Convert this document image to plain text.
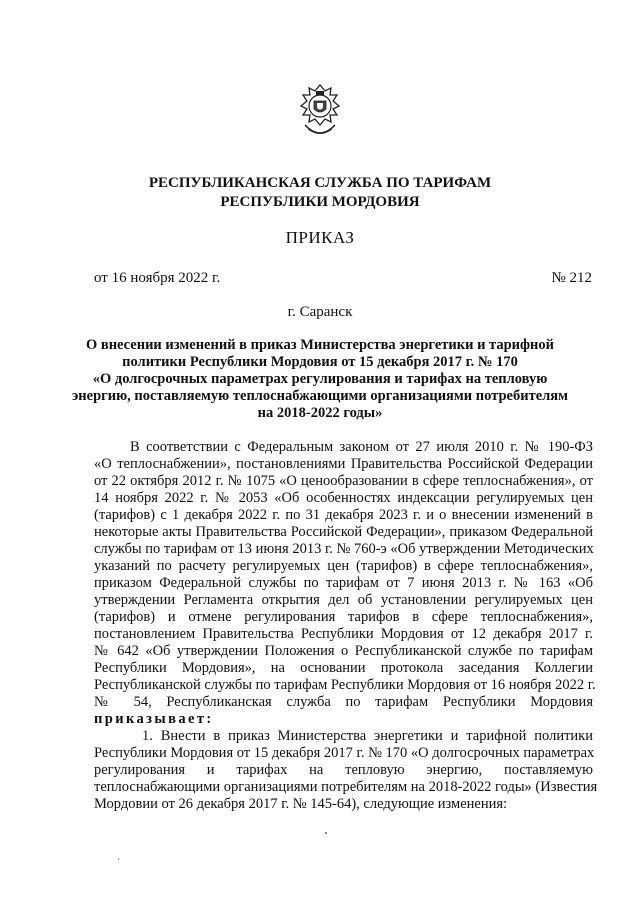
РЕСПУБЛИКАНСКАЯ СЛУЖБА ПО ТАРИФАМ
РЕСПУБЛИКИ МОРДОВИЯ
ПРИКАЗ
от 16 ноября 2022 г.	№ 212
г. Саранск
О внесении изменений в приказ Министерства энергетики и тарифной
политики Республики Мордовия от 15 декабря 2017 г. № 170
«О долгосрочных параметрах регулирования и тарифах на тепловую
энергию, поставляемую теплоснабжающими организациями потребителям
на 2018-2022 годы»
В соответствии с Федеральным законом от 27 июля 2010 г. № 190-ФЗ
«О теплоснабжении», постановлениями Правительства Российской Федерации
от 22 октября 2012 г. № 1075 «О ценообразовании в сфере теплоснабжения», от
14 ноября 2022 г. № 2053 «Об особенностях индексации регулируемых цен
(тарифов) с 1 декабря 2022 г. по 31 декабря 2023 г. и о внесении изменений в
некоторые акты Правительства Российской Федерации», приказом Федеральной
службы по тарифам от 13 июня 2013 г. № 760-э «Об утверждении Методических
указаний по расчету регулируемых цен (тарифов) в сфере теплоснабжения»,
приказом Федеральной службы по тарифам от 7 июня 2013 г. № 163 «Об
утверждении Регламента открытия дел об установлении регулируемых цен
(тарифов) и отмене регулирования тарифов в сфере теплоснабжения»,
постановлением Правительства Республики Мордовия от 12 декабря 2017 г.
№ 642 «Об утверждении Положения о Республиканской службе по тарифам
Республики Мордовия», на основании протокола заседания Коллегии
Республиканской службы по тарифам Республики Мордовия от 16 ноября 2022 г.
№ 54, Республиканская служба по тарифам Республики Мордовия
приказывает:
1. Внести в приказ Министерства энергетики и тарифной политики
Республики Мордовия от 15 декабря 2017 г. № 170 «О долгосрочных параметрах
регулирования и тарифах на тепловую энергию, поставляемую
теплоснабжающими организациями потребителям на 2018-2022 годы» (Известия
Мордовии от 26 декабря 2017 г. № 145-64), следующие изменения:
